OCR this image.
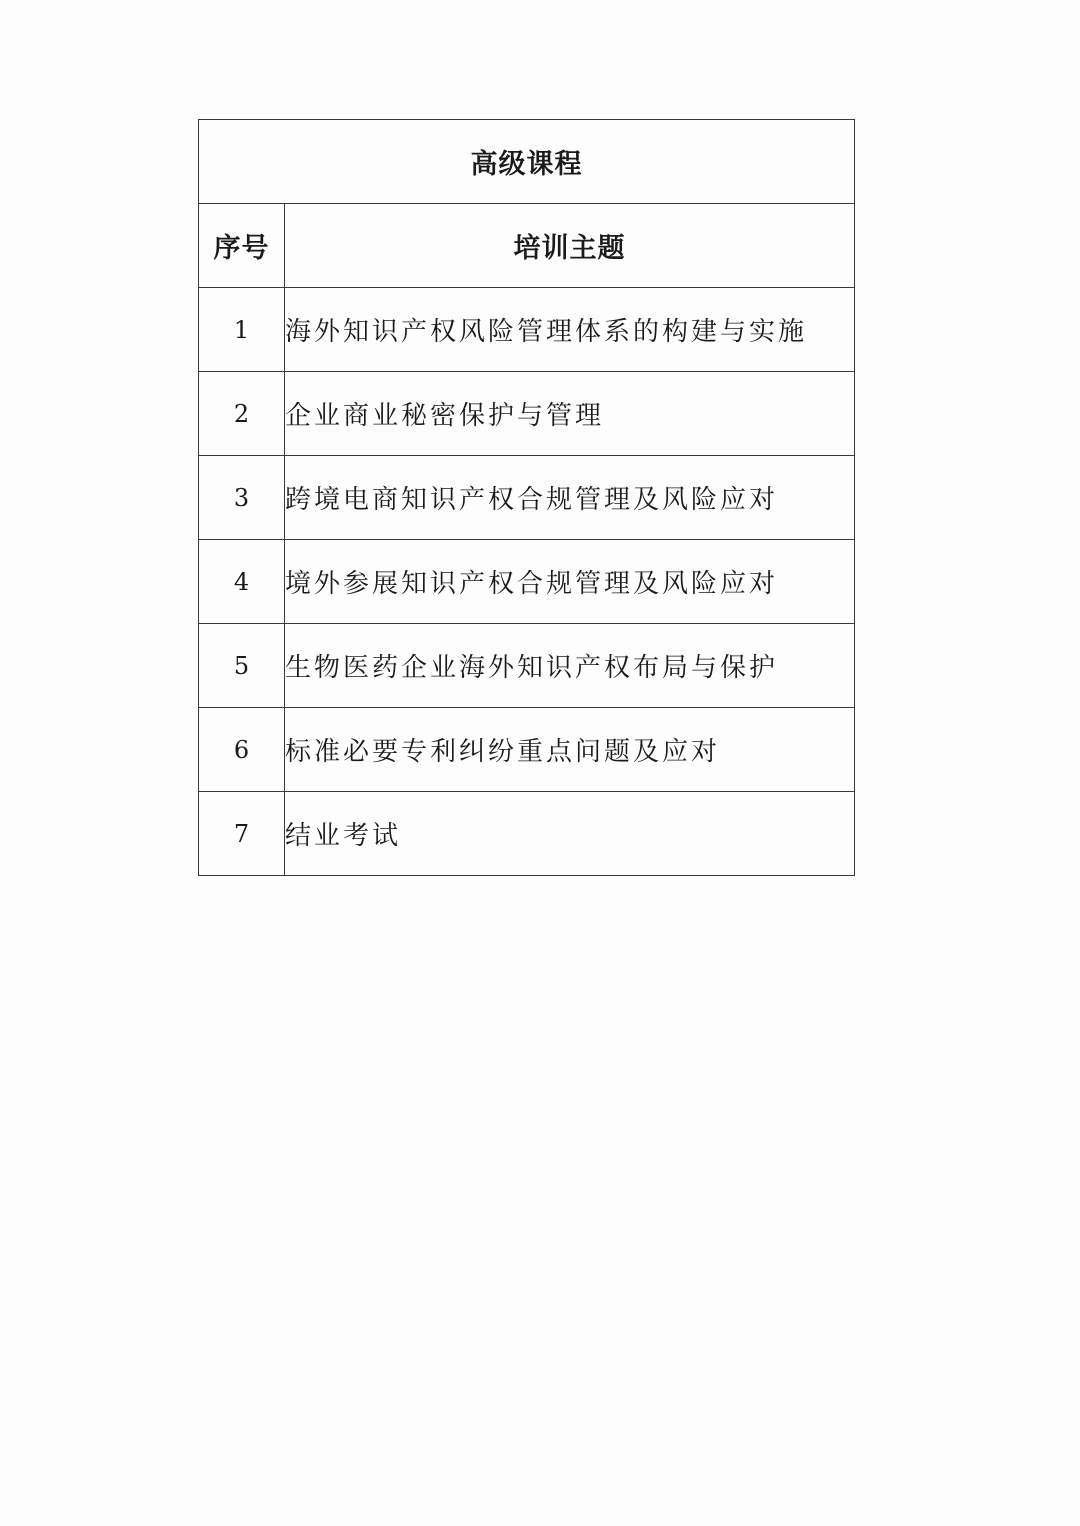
高级课程	
序号	培训主题
1	海外知识产权风险管理体系的构建与实施
2	企业商业秘密保护与管理
3	跨境电商知识产权合规管理及风险应对
4	境外参展知识产权合规管理及风险应对
5	生物医药企业海外知识产权布局与保护
6	标准必要专利纠纷重点问题及应对
7	结业考试
